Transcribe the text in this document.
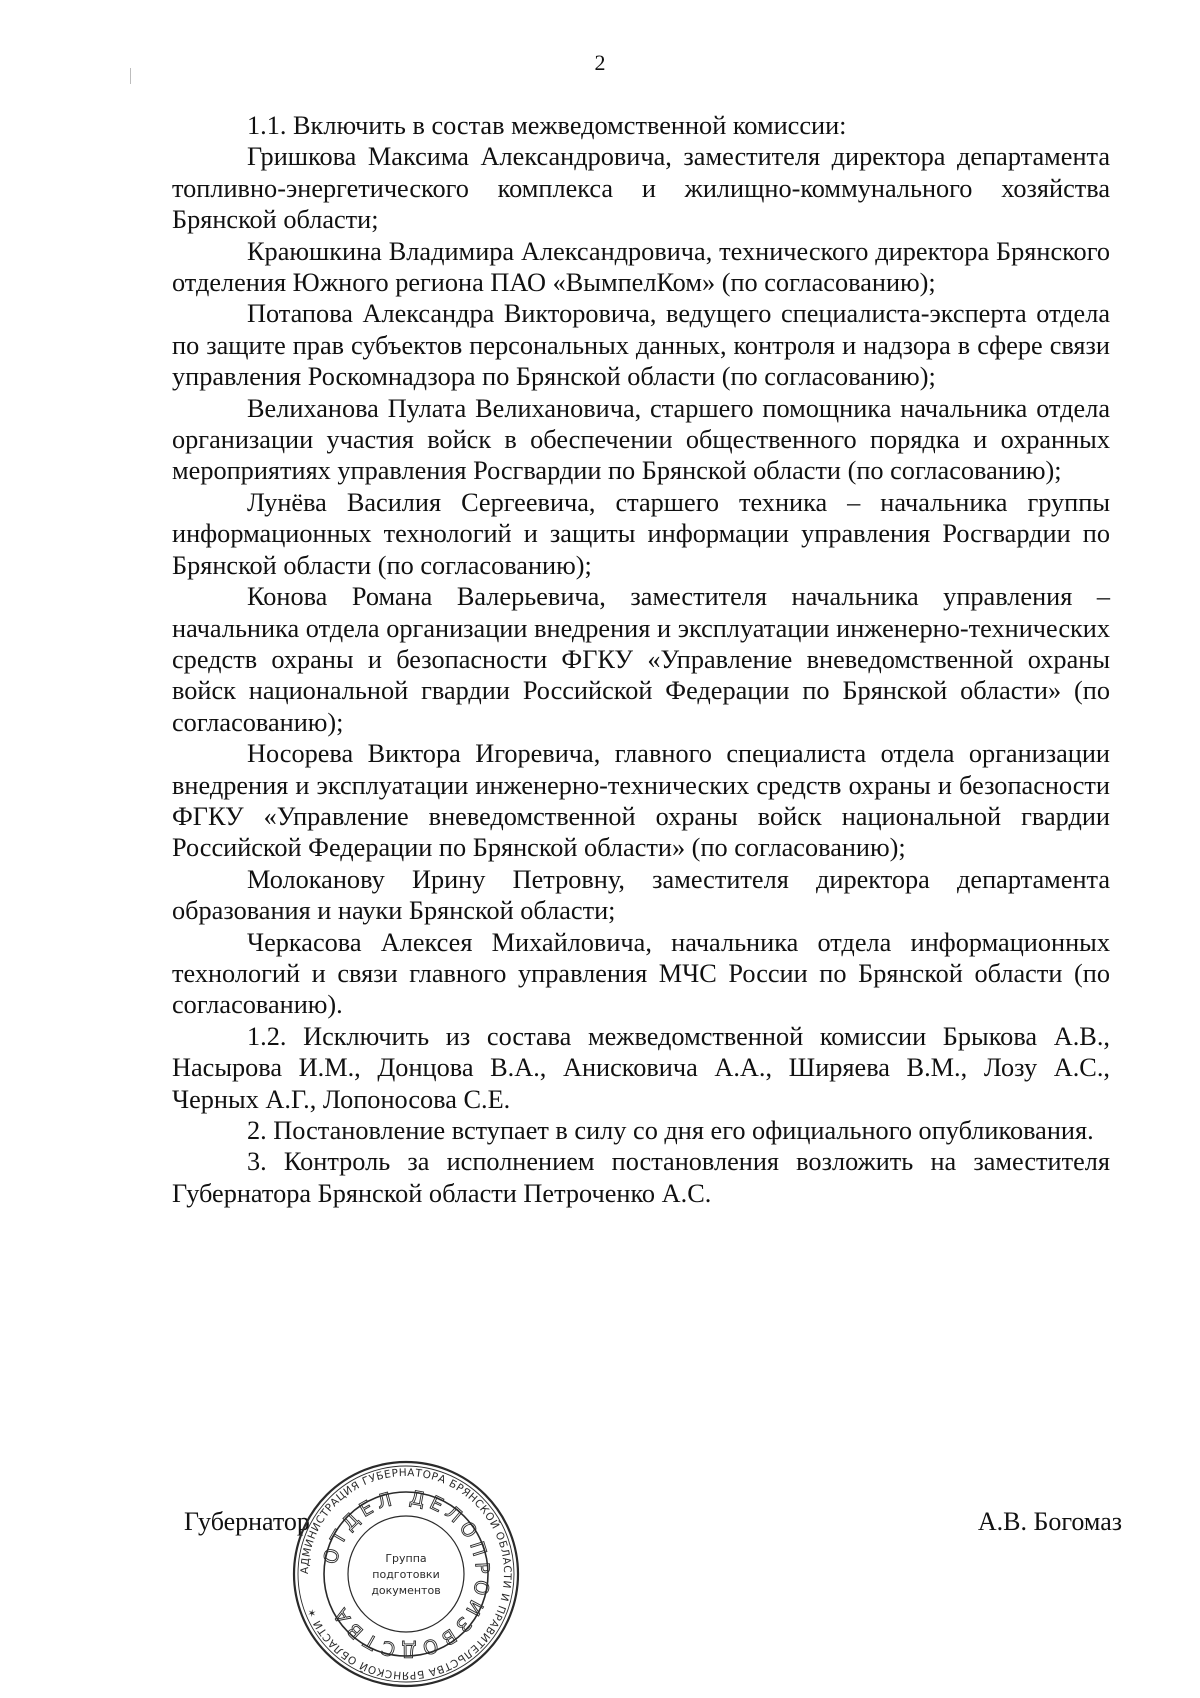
2

1.1. Включить в состав межведомственной комиссии:

Гришкова Максима Александровича, заместителя директора департамента топливно-энергетического комплекса и жилищно-коммунального хозяйства Брянской области;

Краюшкина Владимира Александровича, технического директора Брянского отделения Южного региона ПАО «ВымпелКом» (по согласованию);

Потапова Александра Викторовича, ведущего специалиста-эксперта отдела по защите прав субъектов персональных данных, контроля и надзора в сфере связи управления Роскомнадзора по Брянской области (по согласованию);

Велиханова Пулата Велихановича, старшего помощника начальника отдела организации участия войск в обеспечении общественного порядка и охранных мероприятиях управления Росгвардии по Брянской области (по согласованию);

Лунёва Василия Сергеевича, старшего техника – начальника группы информационных технологий и защиты информации управления Росгвардии по Брянской области (по согласованию);

Конова Романа Валерьевича, заместителя начальника управления – начальника отдела организации внедрения и эксплуатации инженерно-технических средств охраны и безопасности ФГКУ «Управление вневедомственной охраны войск национальной гвардии Российской Федерации по Брянской области» (по согласованию);

Носорева Виктора Игоревича, главного специалиста отдела организации внедрения и эксплуатации инженерно-технических средств охраны и безопасности ФГКУ «Управление вневедомственной охраны войск национальной гвардии Российской Федерации по Брянской области» (по согласованию);

Молоканову Ирину Петровну, заместителя директора департамента образования и науки Брянской области;

Черкасова Алексея Михайловича, начальника отдела информационных технологий и связи главного управления МЧС России по Брянской области (по согласованию).

1.2. Исключить из состава межведомственной комиссии Брыкова А.В., Насырова И.М., Донцова В.А., Анисковича А.А., Ширяева В.М., Лозу А.С., Черных А.Г., Лопоносова С.Е.

2. Постановление вступает в силу со дня его официального опубликования.

3. Контроль за исполнением постановления возложить на заместителя Губернатора Брянской области Петроченко А.С.

Губернатор	А.В. Богомаз
АДМИНИСТРАЦИЯ ГУБЕРНАТОРА БРЯНСКОЙ ОБЛАСТИ И ПРАВИТЕЛЬСТВА БРЯНСКОЙ ОБЛАСТИ ✶
ОТДЕЛ ДЕЛОПРОИЗВОДСТВА
Группа
подготовки
документов
